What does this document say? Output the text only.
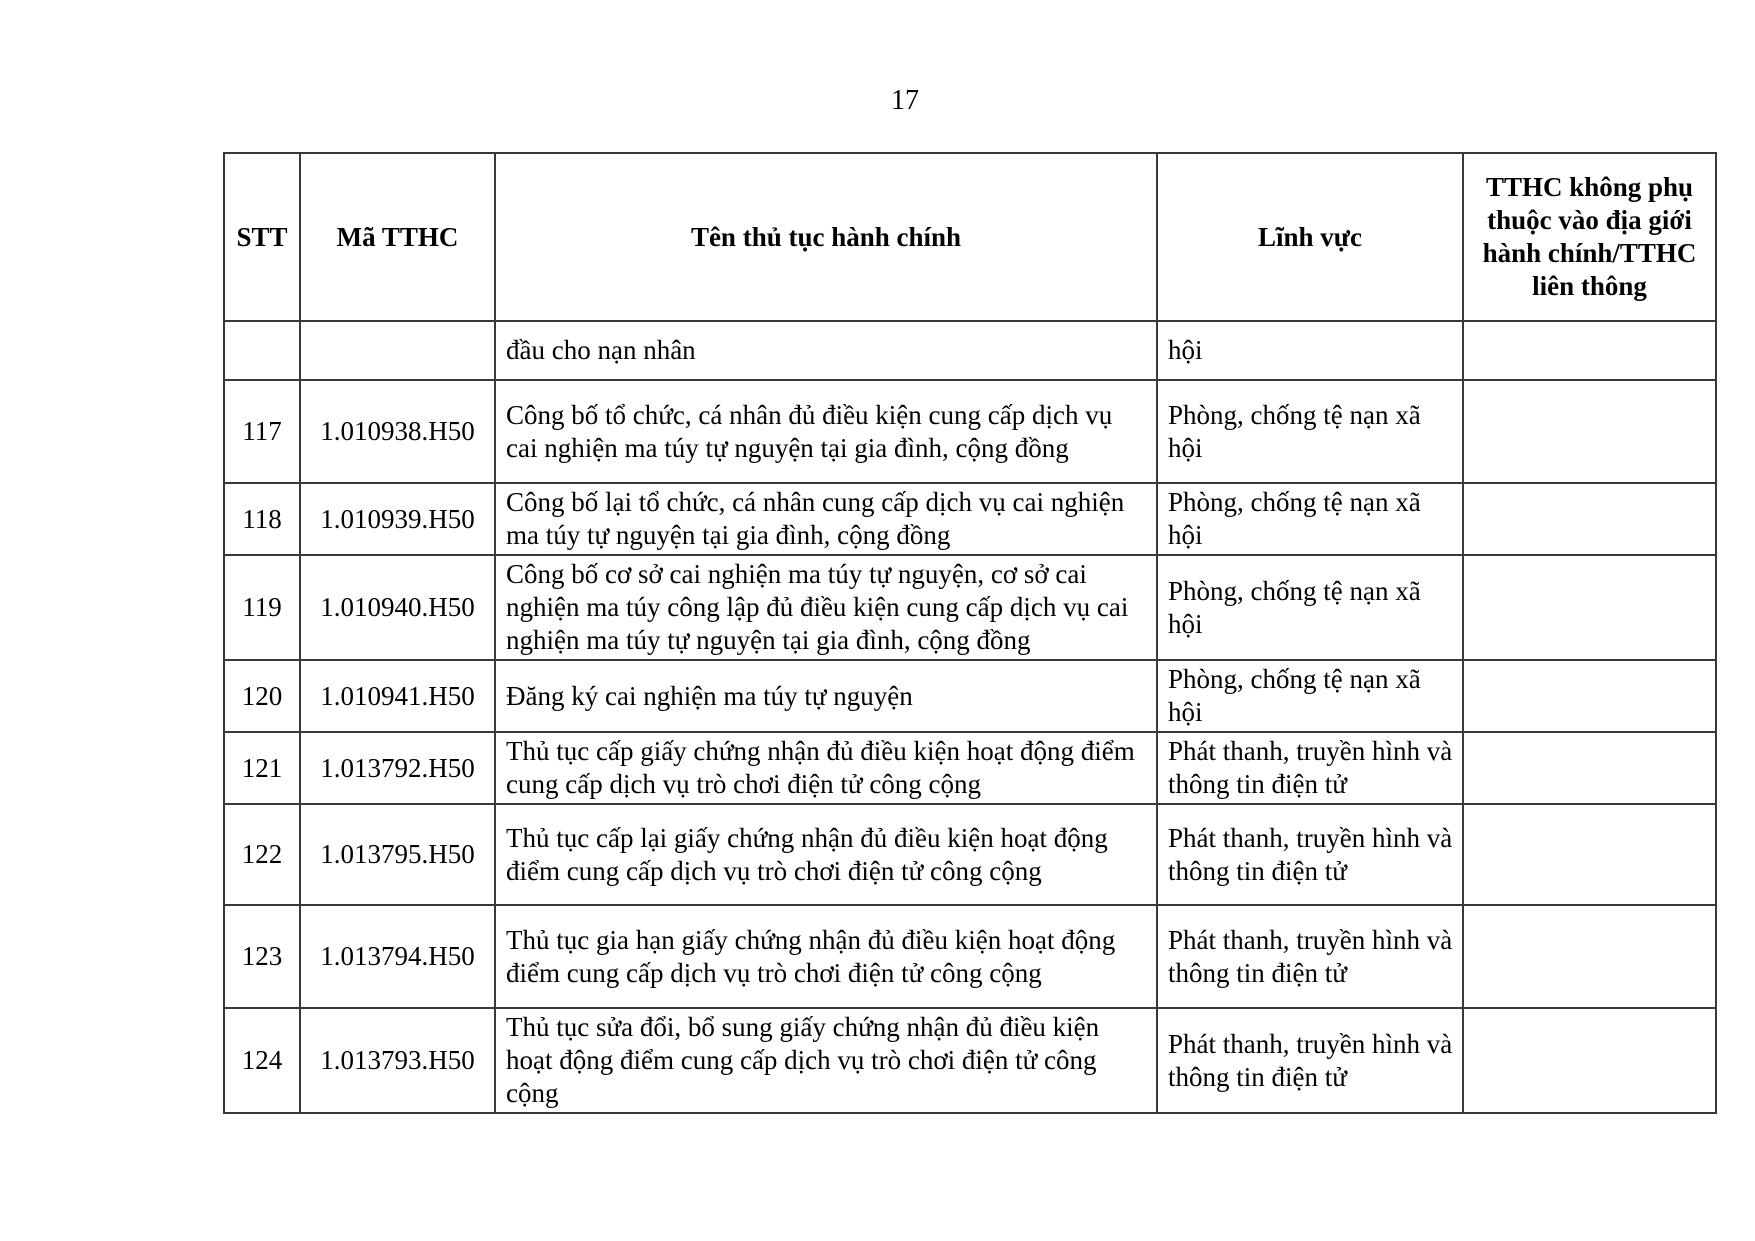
17
STT	Mã TTHC	Tên thủ tục hành chính	Lĩnh vực	TTHC không phụ thuộc vào địa giới hành chính/TTHC liên thông
		đầu cho nạn nhân	hội	
117	1.010938.H50	Công bố tổ chức, cá nhân đủ điều kiện cung cấp dịch vụ cai nghiện ma túy tự nguyện tại gia đình, cộng đồng	Phòng, chống tệ nạn xã hội	
118	1.010939.H50	Công bố lại tổ chức, cá nhân cung cấp dịch vụ cai nghiện ma túy tự nguyện tại gia đình, cộng đồng	Phòng, chống tệ nạn xã hội	
119	1.010940.H50	Công bố cơ sở cai nghiện ma túy tự nguyện, cơ sở cai nghiện ma túy công lập đủ điều kiện cung cấp dịch vụ cai nghiện ma túy tự nguyện tại gia đình, cộng đồng	Phòng, chống tệ nạn xã hội	
120	1.010941.H50	Đăng ký cai nghiện ma túy tự nguyện	Phòng, chống tệ nạn xã hội	
121	1.013792.H50	Thủ tục cấp giấy chứng nhận đủ điều kiện hoạt động điểm cung cấp dịch vụ trò chơi điện tử công cộng	Phát thanh, truyền hình và thông tin điện tử	
122	1.013795.H50	Thủ tục cấp lại giấy chứng nhận đủ điều kiện hoạt động điểm cung cấp dịch vụ trò chơi điện tử công cộng	Phát thanh, truyền hình và thông tin điện tử	
123	1.013794.H50	Thủ tục gia hạn giấy chứng nhận đủ điều kiện hoạt động điểm cung cấp dịch vụ trò chơi điện tử công cộng	Phát thanh, truyền hình và thông tin điện tử	
124	1.013793.H50	Thủ tục sửa đổi, bổ sung giấy chứng nhận đủ điều kiện hoạt động điểm cung cấp dịch vụ trò chơi điện tử công cộng	Phát thanh, truyền hình và thông tin điện tử	
